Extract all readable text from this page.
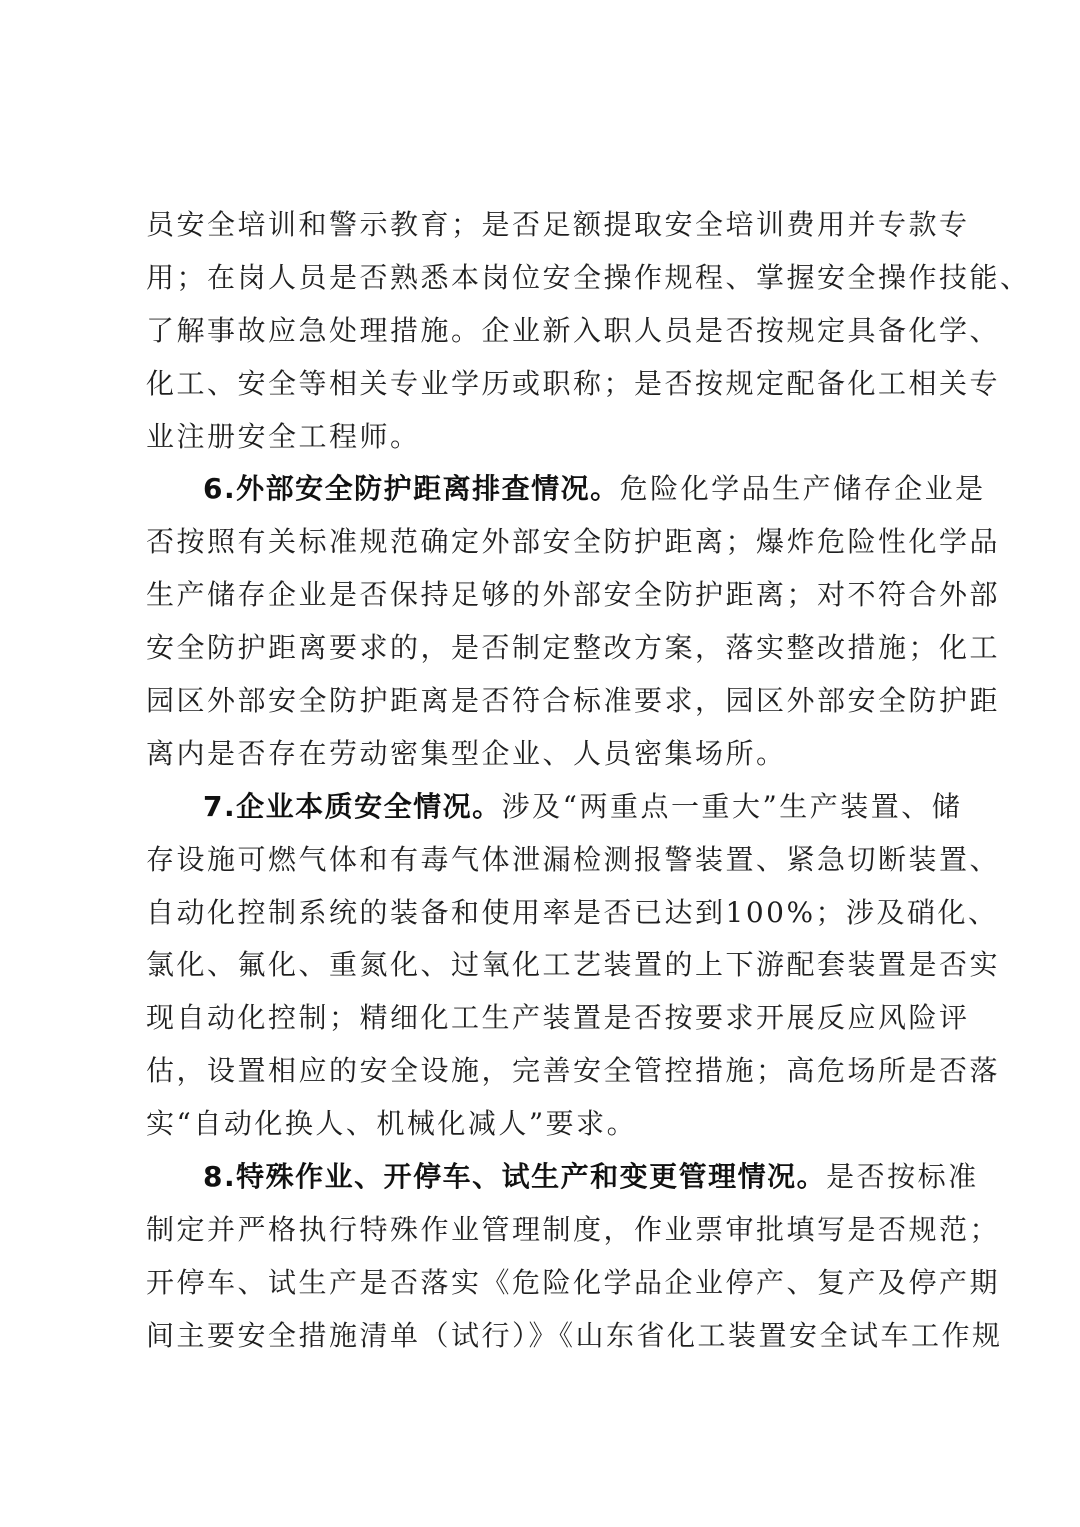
员安全培训和警示教育；是否足额提取安全培训费用并专款专
用；在岗人员是否熟悉本岗位安全操作规程、掌握安全操作技能、
了解事故应急处理措施。企业新入职人员是否按规定具备化学、
化工、安全等相关专业学历或职称；是否按规定配备化工相关专
业注册安全工程师。
6.外部安全防护距离排查情况。危险化学品生产储存企业是
否按照有关标准规范确定外部安全防护距离；爆炸危险性化学品
生产储存企业是否保持足够的外部安全防护距离；对不符合外部
安全防护距离要求的，是否制定整改方案，落实整改措施；化工
园区外部安全防护距离是否符合标准要求，园区外部安全防护距
离内是否存在劳动密集型企业、人员密集场所。
7.企业本质安全情况。涉及“两重点一重大”生产装置、储
存设施可燃气体和有毒气体泄漏检测报警装置、紧急切断装置、
自动化控制系统的装备和使用率是否已达到100%；涉及硝化、
氯化、氟化、重氮化、过氧化工艺装置的上下游配套装置是否实
现自动化控制；精细化工生产装置是否按要求开展反应风险评
估，设置相应的安全设施，完善安全管控措施；高危场所是否落
实“自动化换人、机械化减人”要求。
8.特殊作业、开停车、试生产和变更管理情况。是否按标准
制定并严格执行特殊作业管理制度，作业票审批填写是否规范；
开停车、试生产是否落实《危险化学品企业停产、复产及停产期
间主要安全措施清单（试行）》《山东省化工装置安全试车工作规
